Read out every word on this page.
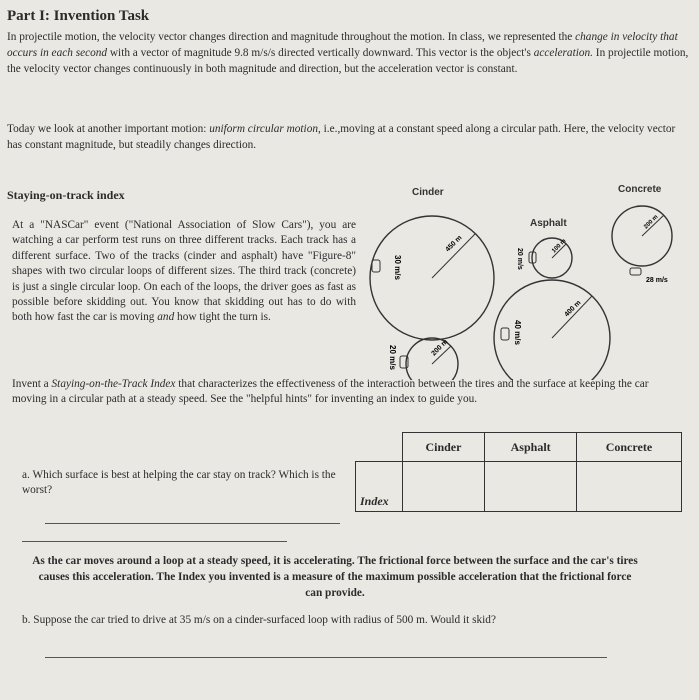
Part I: Invention Task
In projectile motion, the velocity vector changes direction and magnitude throughout the motion. In class, we represented the change in velocity that occurs in each second with a vector of magnitude 9.8 m/s/s directed vertically downward. This vector is the object's acceleration. In projectile motion, the velocity vector changes continuously in both magnitude and direction, but the acceleration vector is constant.
Today we look at another important motion: uniform circular motion, i.e.,moving at a constant speed along a circular path. Here, the velocity vector has constant magnitude, but steadily changes direction.
Staying-on-track index
At a "NASCar" event ("National Association of Slow Cars"), you are watching a car perform test runs on three different tracks. Each track has a different surface. Two of the tracks (cinder and asphalt) have "Figure-8" shapes with two circular loops of different sizes. The third track (concrete) is just a single circular loop. On each of the loops, the driver goes as fast as possible before skidding out. You know that skidding out has to do with both how fast the car is moving and how tight the turn is.
Cinder	Concrete
Asphalt
450 m
30 m/s
200 m
20 m/s
100 m
20 m/s
400 m
40 m/s
200 m
28 m/s
Invent a Staying-on-the-Track Index that characterizes the effectiveness of the interaction between the tires and the surface at keeping the car moving in a circular path at a steady speed. See the "helpful hints" for inventing an index to guide you.
	Cinder	Asphalt	Concrete
Index			
a. Which surface is best at helping the car stay on track? Which is the worst?
As the car moves around a loop at a steady speed, it is accelerating. The frictional force between the surface and the car's tires causes this acceleration. The Index you invented is a measure of the maximum possible acceleration that the frictional force can provide.
b. Suppose the car tried to drive at 35 m/s on a cinder-surfaced loop with radius of 500 m. Would it skid?
